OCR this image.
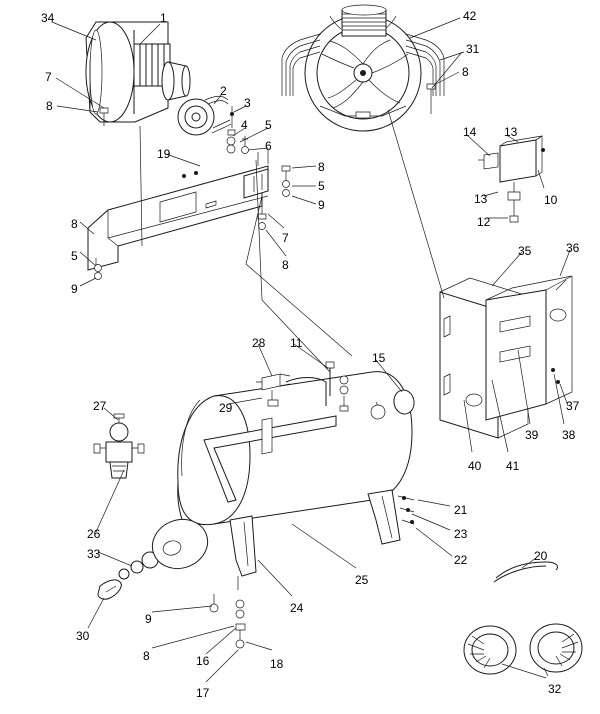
34	1	42
31
8
7
2
3
8
4 5
6
14 13
19
8
5
13	10
9
12
8
7
5	35	36
8
9
28 11
15
37
29
27
39 38
40 41
21
26	23
33	20
22
25
30
9
24
8	16	18
17	32
